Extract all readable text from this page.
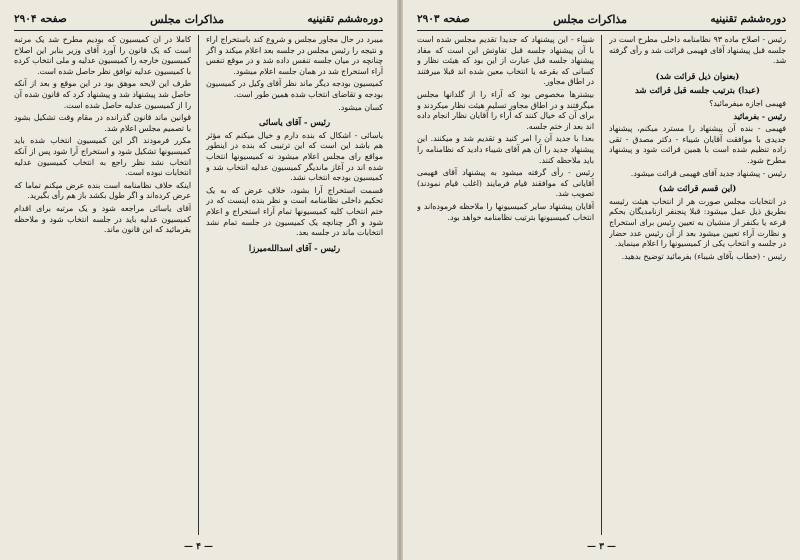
دوره‌ششم تقنینیه
مذاکرات مجلس
صفحه ۲۹۰۴

میبرد در حال مجاور مجلس و شروع کند باستخراج آراء و نتیجه را رئیس مجلس در جلسه بعد اعلام میکند و اگر چنانچه در میان جلسه تنفس داده شد و در موقع تنفس آراء استخراج شد در همان جلسه اعلام میشود.

کمیسیون بودجه دیگر ماند نظر آقای وکیل در کمیسیون بودجه و تقاضای انتخاب شده همین طور است.

کسان میشود.

رئیس - آقای یاسائی

یاسائی - اشکال که بنده دارم و خیال میکنم که مؤثر هم باشد این است که این ترتیبی که بنده در اینطور مواقع رای مجلس اعلام میشود نه کمیسیونها انتخاب شده اند در آغاز ماندیگر کمیسیون عدلیه انتخاب شد و کمیسیون بودجه انتخاب نشد.

قسمت استخراج آرا بشود، خلاف عرض که به یک تحکیم داخلی نظامنامه است و نظر بنده اینست که در ختم انتخاب کلیه کمیسیونها تمام آراء استخراج و اعلام شود و اگر چنانچه یک کمیسیون در جلسه تمام نشد انتخابات ماند در جلسه بعد.

رئیس - آقای اسدالله‌میرزا

کاملا در آن کمیسیون که بودیم مطرح شد یک مرتبه است که یک قانون را آورد آقای وزیر بنابر این اصلاح کمیسیون خارجه را کمیسیون عدلیه و ملی انتخاب کرده با کمیسیون عدلیه توافق نظر حاصل شده است.

طرف این لایحه موهق بود در این موقع و بعد از آنکه حاصل شد پیشنهاد شد و پیشنهاد کرد که قانون شده آن را از کمیسیون عدلیه حاصل شده است.

قوانین ماند قانون گذرانده در مقام وقت تشکیل بشود با تصمیم مجلس اعلام شد.

مکرر فرمودند اگر این کمیسیون انتخاب شده باید کمیسیونها تشکیل شود و استخراج آرا شود پس از آنکه انتخاب نشد نظر راجع به انتخاب کمیسیون عدلیه انتخابات نبوده است.

اینکه خلاف نظامنامه است بنده عرض میکنم تماما که عرض کرده‌اند و اگر طول بکشد باز هم رأی بگیرید.

آقای یاسائی مراجعه شود و یک مرتبه برای اقدام کمیسیون عدلیه باید در جلسه انتخاب شود و ملاحظه بفرمائید که این قانون ماند.

— ۴ —
دوره‌ششم تقنینیه
مذاکرات مجلس
صفحه ۲۹۰۳

رئیس - اصلاح ماده ۹۳ نظامنامه داخلی مطرح است در جلسه قبل پیشنهاد آقای فهیمی قرائت شد و رأی گرفته شد.

(بعنوان ذیل قرائت شد)
(عبدا) بترتیب جلسه قبل قرائت شد

فهیمی اجازه میفرمائید؟

رئیس - بفرمائید

فهیمی - بنده آن پیشنهاد را مسترد میکنم، پیشنهاد جدیدی با موافقت آقایان شیباء - دکتر مصدق - تقی زاده تنظیم شده است با همین قرائت شود و پیشنهاد مطرح شود.

رئیس - پیشنهاد جدید آقای فهیمی قرائت میشود.

(این قسم قرائت شد)

در انتخابات مجلس صورت هر از انتخاب هیئت رئیسه بطریق ذیل عمل میشود: قبلا پنجنفر ازنامدیگان بحکم قرعه یا بکنفر از منشیان به تعیین رئیس برای استخراج و نظارت آراء تعیین میشود بعد از آن رئیس عدد حضار در جلسه و انتخاب یکی از کمیسیونها را اعلام مینماید.

رئیس - (خطاب بآقای شیباء) بفرمائید توضیح بدهید.

شیباء - این پیشنهاد که جدیدا تقدیم مجلس شده است با آن پیشنهاد جلسه قبل تفاوتش این است که مفاد پیشنهاد جلسه قبل عبارت از این بود که هیئت نظار و کسانی که بقرعه یا انتخاب معین شده اند قبلا میرفتند در اطاق مجاور.

بیشترها مخصوص بود که آراء را از گلدانها مجلس میگرفتند و در اطاق مجاور تسلیم هیئت نظار میکردند و برای آن که خیال کنند که آراء را آقایان نظار انجام داده اند بعد از ختم جلسه.

بعدا با جدید آن را امر کنید و تقدیم شد و میکنند. این پیشنهاد جدید را آن هم آقای شیباء دادید که نظامنامه را باید ملاحظه کنند.

رئیس - رأی گرفته میشود به پیشنهاد آقای فهیمی آقایانی که موافقند قیام فرمایند (اغلب قیام نمودند) تصویب شد.

آقایان پیشنهاد سایر کمیسیونها را ملاحظه فرموده‌اند و انتخاب کمیسیونها بترتیب نظامنامه خواهد بود.

— ۳ —
